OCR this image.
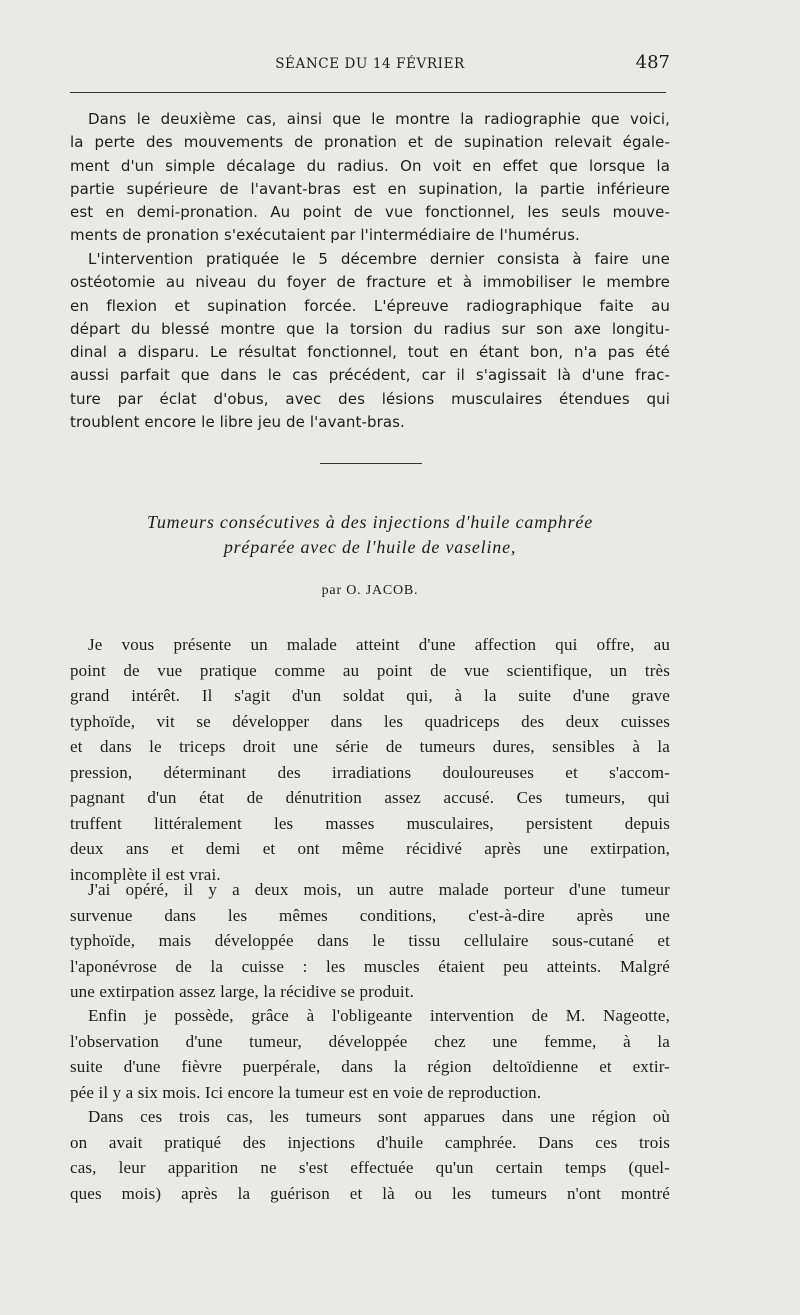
SÉANCE DU 14 FÉVRIER	487

Dans le deuxième cas, ainsi que le montre la radiographie que voici,

la perte des mouvements de pronation et de supination relevait égale-

ment d'un simple décalage du radius. On voit en effet que lorsque la

partie supérieure de l'avant-bras est en supination, la partie inférieure

est en demi-pronation. Au point de vue fonctionnel, les seuls mouve-

ments de pronation s'exécutaient par l'intermédiaire de l'humérus.

L'intervention pratiquée le 5 décembre dernier consista à faire une

ostéotomie au niveau du foyer de fracture et à immobiliser le membre

en flexion et supination forcée. L'épreuve radiographique faite au

départ du blessé montre que la torsion du radius sur son axe longitu-

dinal a disparu. Le résultat fonctionnel, tout en étant bon, n'a pas été

aussi parfait que dans le cas précédent, car il s'agissait là d'une frac-

ture par éclat d'obus, avec des lésions musculaires étendues qui

troublent encore le libre jeu de l'avant-bras.

Tumeurs consécutives à des injections d'huile camphrée
préparée avec de l'huile de vaseline,
par O. JACOB.

Je vous présente un malade atteint d'une affection qui offre, au

point de vue pratique comme au point de vue scientifique, un très

grand intérêt. Il s'agit d'un soldat qui, à la suite d'une grave

typhoïde, vit se développer dans les quadriceps des deux cuisses

et dans le triceps droit une série de tumeurs dures, sensibles à la

pression, déterminant des irradiations douloureuses et s'accom-

pagnant d'un état de dénutrition assez accusé. Ces tumeurs, qui

truffent littéralement les masses musculaires, persistent depuis

deux ans et demi et ont même récidivé après une extirpation,

incomplète il est vrai.

J'ai opéré, il y a deux mois, un autre malade porteur d'une tumeur

survenue dans les mêmes conditions, c'est-à-dire après une

typhoïde, mais développée dans le tissu cellulaire sous-cutané et

l'aponévrose de la cuisse : les muscles étaient peu atteints. Malgré

une extirpation assez large, la récidive se produit.

Enfin je possède, grâce à l'obligeante intervention de M. Nageotte,

l'observation d'une tumeur, développée chez une femme, à la

suite d'une fièvre puerpérale, dans la région deltoïdienne et extir-

pée il y a six mois. Ici encore la tumeur est en voie de reproduction.

Dans ces trois cas, les tumeurs sont apparues dans une région où

on avait pratiqué des injections d'huile camphrée. Dans ces trois

cas, leur apparition ne s'est effectuée qu'un certain temps (quel-

ques mois) après la guérison et là ou les tumeurs n'ont montré
